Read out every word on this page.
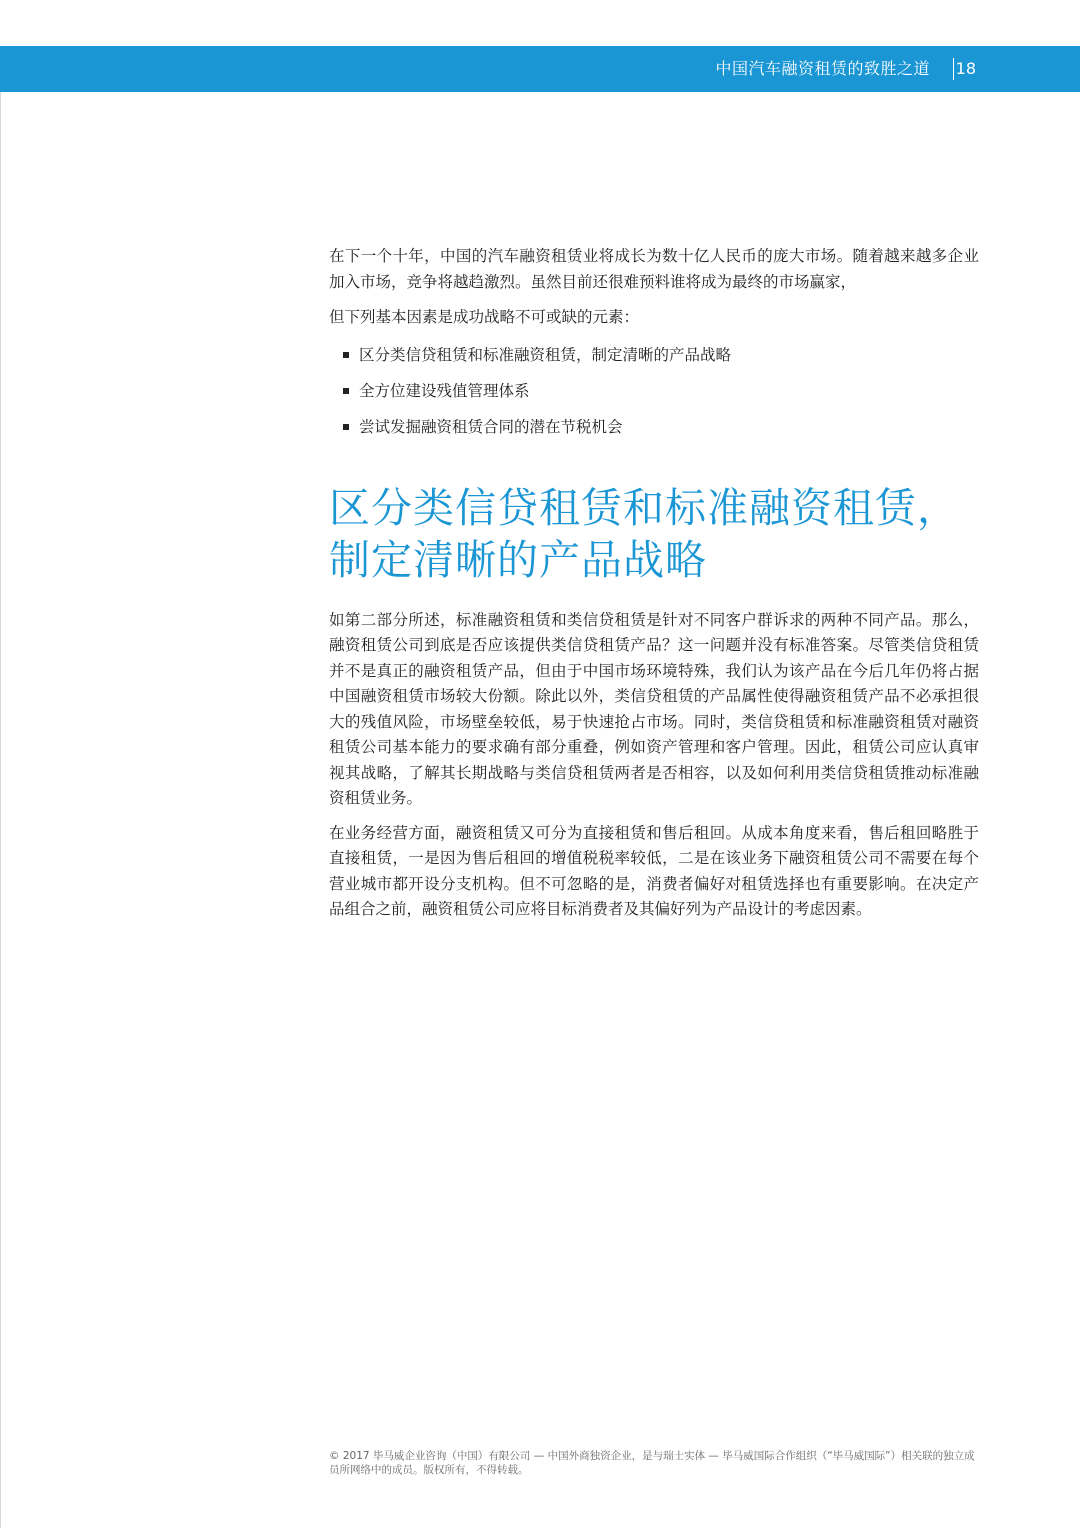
中国汽车融资租赁的致胜之道 18

在下一个十年，中国的汽车融资租赁业将成长为数十亿人民币的庞大市场。随着越来越多企业加入市场，竞争将越趋激烈。虽然目前还很难预料谁将成为最终的市场赢家，

但下列基本因素是成功战略不可或缺的元素：

区分类信贷租赁和标准融资租赁，制定清晰的产品战略
全方位建设残值管理体系
尝试发掘融资租赁合同的潜在节税机会
区分类信贷租赁和标准融资租赁，
制定清晰的产品战略

如第二部分所述，标准融资租赁和类信贷租赁是针对不同客户群诉求的两种不同产品。那么，融资租赁公司到底是否应该提供类信贷租赁产品？这一问题并没有标准答案。尽管类信贷租赁并不是真正的融资租赁产品，但由于中国市场环境特殊，我们认为该产品在今后几年仍将占据中国融资租赁市场较大份额。除此以外，类信贷租赁的产品属性使得融资租赁产品不必承担很大的残值风险，市场壁垒较低，易于快速抢占市场。同时，类信贷租赁和标准融资租赁对融资租赁公司基本能力的要求确有部分重叠，例如资产管理和客户管理。因此，租赁公司应认真审视其战略，了解其长期战略与类信贷租赁两者是否相容，以及如何利用类信贷租赁推动标准融资租赁业务。

在业务经营方面，融资租赁又可分为直接租赁和售后租回。从成本角度来看，售后租回略胜于直接租赁，一是因为售后租回的增值税税率较低，二是在该业务下融资租赁公司不需要在每个营业城市都开设分支机构。但不可忽略的是，消费者偏好对租赁选择也有重要影响。在决定产品组合之前，融资租赁公司应将目标消费者及其偏好列为产品设计的考虑因素。

© 2017 毕马威企业咨询（中国）有限公司 — 中国外商独资企业，是与瑞士实体 — 毕马威国际合作组织（“毕马威国际”）相关联的独立成员所网络中的成员。版权所有，不得转载。
